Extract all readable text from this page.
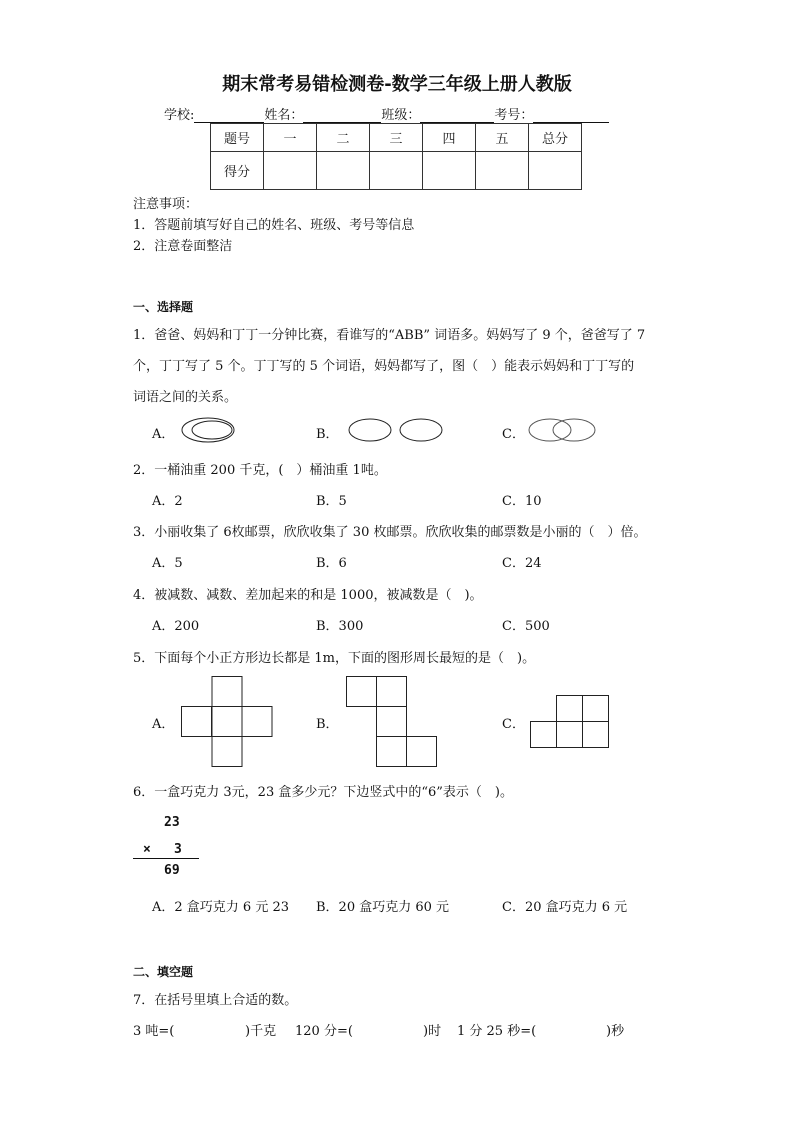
期末常考易错检测卷-数学三年级上册人教版
学校:	姓名：	班级：	考号：
题号	一	二	三	四	五	总分
得分						
注意事项：
1．答题前填写好自己的姓名、班级、考号等信息
2．注意卷面整洁
一、选择题
1．爸爸、妈妈和丁丁一分钟比赛，看谁写的“ABB” 词语多。妈妈写了 9 个，爸爸写了 7
个，丁丁写了 5 个。丁丁写的 5 个词语，妈妈都写了，图（　）能表示妈妈和丁丁写的
词语之间的关系。
A．	B．	C．
2．一桶油重 200 千克，(　）桶油重 1吨。
A．2	B．5	C．10
3．小丽收集了 6枚邮票，欣欣收集了 30 枚邮票。欣欣收集的邮票数是小丽的（　）倍。
A．5	B．6	C．24
4．被减数、减数、差加起来的和是 1000，被减数是（　)。
A．200	B．300	C．500
5．下面每个小正方形边长都是 1m，下面的图形周长最短的是（　)。
A．	B．	C．
6．一盒巧克力 3元，23 盒多少元？下边竖式中的“6”表示（　)。
23
× 3
69
A．2 盒巧克力 6 元 23 B．20 盒巧克力 60 元	C．20 盒巧克力 6 元
二、填空题
7．在括号里填上合适的数。
3 吨=(	)千克 120 分=(	)时 1 分 25 秒=(	)秒
